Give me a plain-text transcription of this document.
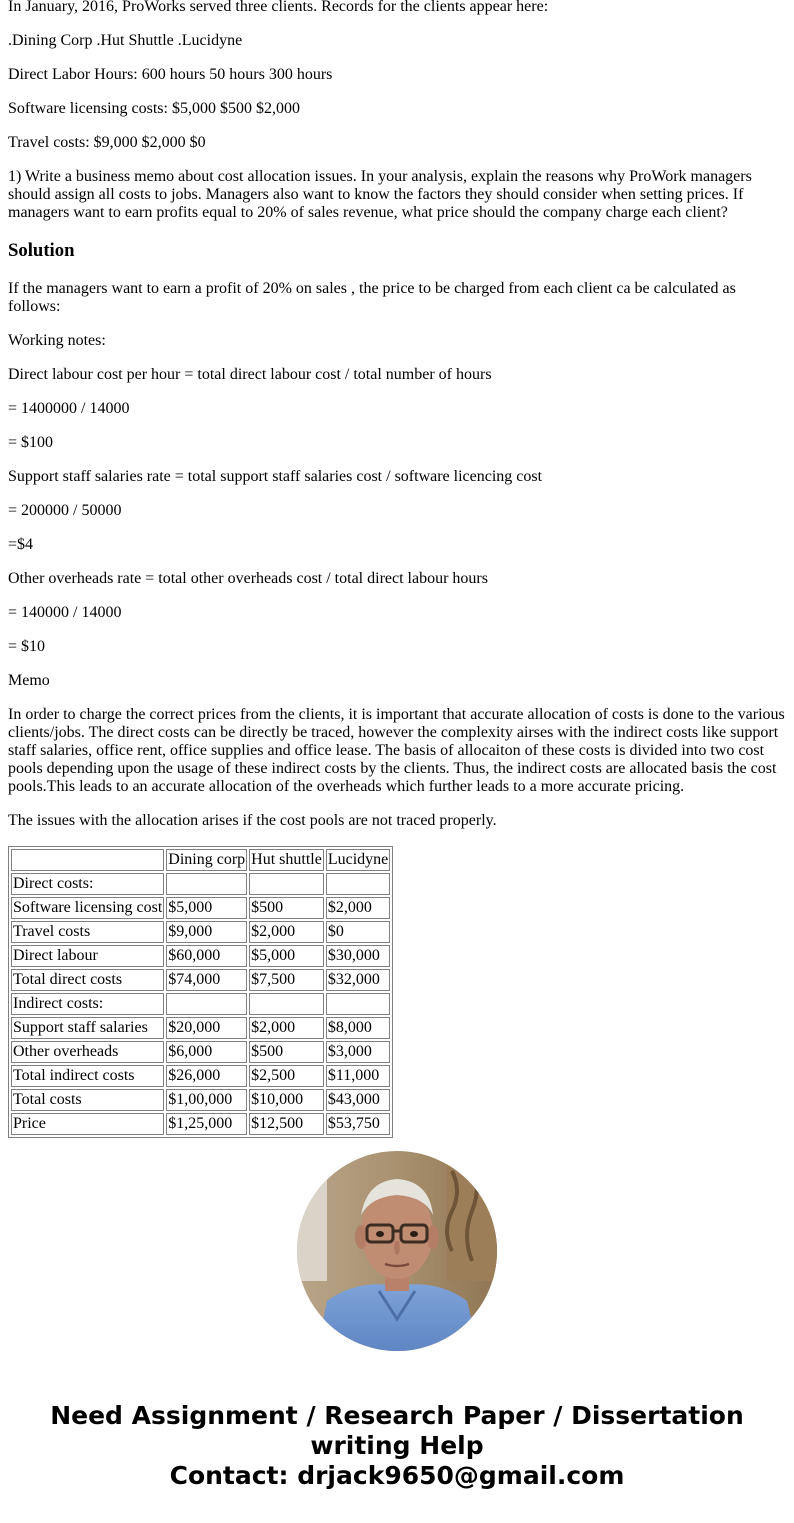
In January, 2016, ProWorks served three clients. Records for the clients appear here:

.Dining Corp .Hut Shuttle .Lucidyne

Direct Labor Hours: 600 hours 50 hours 300 hours

Software licensing costs: $5,000 $500 $2,000

Travel costs: $9,000 $2,000 $0

1) Write a business memo about cost allocation issues. In your analysis, explain the reasons why ProWork managers should assign all costs to jobs. Managers also want to know the factors they should consider when setting prices. If managers want to earn profits equal to 20% of sales revenue, what price should the company charge each client?

Solution

If the managers want to earn a profit of 20% on sales , the price to be charged from each client ca be calculated as follows:

Working notes:

Direct labour cost per hour = total direct labour cost / total number of hours

= 1400000 / 14000

= $100

Support staff salaries rate = total support staff salaries cost / software licencing cost

= 200000 / 50000

=$4

Other overheads rate = total other overheads cost / total direct labour hours

= 140000 / 14000

= $10

Memo

In order to charge the correct prices from the clients, it is important that accurate allocation of costs is done to the various clients/jobs. The direct costs can be directly be traced, however the complexity airses with the indirect costs like support staff salaries, office rent, office supplies and office lease. The basis of allocaiton of these costs is divided into two cost pools depending upon the usage of these indirect costs by the clients. Thus, the indirect costs are allocated basis the cost pools.This leads to an accurate allocation of the overheads which further leads to a more accurate pricing.

The issues with the allocation arises if the cost pools are not traced properly.

	Dining corp	Hut shuttle	Lucidyne
Direct costs:			
Software licensing cost	$5,000	$500	$2,000
Travel costs	$9,000	$2,000	$0
Direct labour	$60,000	$5,000	$30,000
Total direct costs	$74,000	$7,500	$32,000
Indirect costs:			
Support staff salaries	$20,000	$2,000	$8,000
Other overheads	$6,000	$500	$3,000
Total indirect costs	$26,000	$2,500	$11,000
Total costs	$1,00,000	$10,000	$43,000
Price	$1,25,000	$12,500	$53,750
Need Assignment / Research Paper / Dissertation
writing Help
Contact: drjack9650@gmail.com
